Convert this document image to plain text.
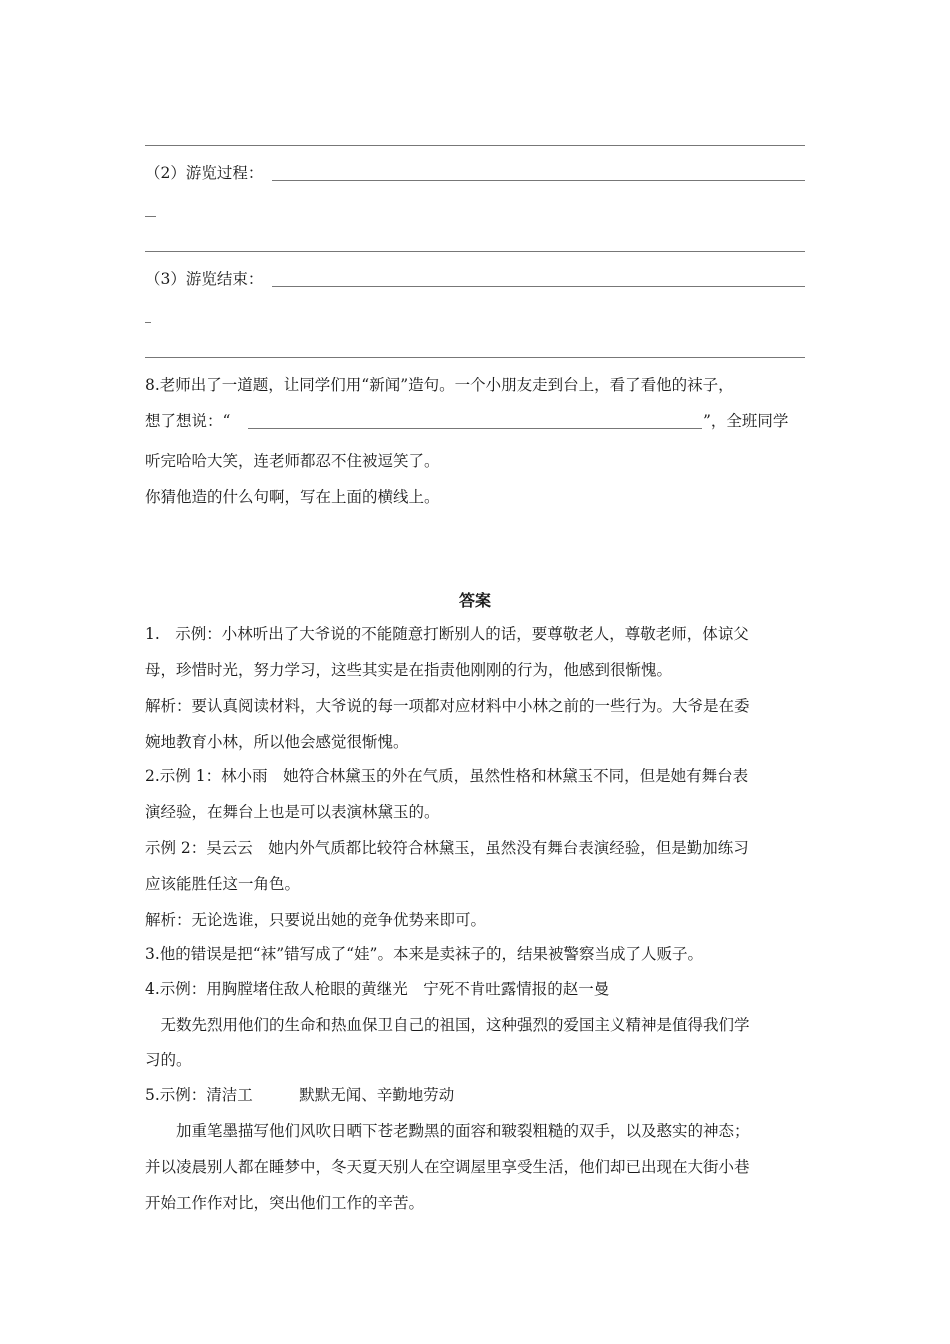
（2）游览过程：
（3）游览结束：
8.老师出了一道题，让同学们用“新闻”造句。一个小朋友走到台上，看了看他的袜子，
想了想说：“	”，全班同学
听完哈哈大笑，连老师都忍不住被逗笑了。
你猜他造的什么句啊，写在上面的横线上。
答案
1.　示例：小林听出了大爷说的不能随意打断别人的话，要尊敬老人，尊敬老师，体谅父
母，珍惜时光，努力学习，这些其实是在指责他刚刚的行为，他感到很惭愧。
解析：要认真阅读材料，大爷说的每一项都对应材料中小林之前的一些行为。大爷是在委
婉地教育小林，所以他会感觉很惭愧。
2.示例 1：林小雨　她符合林黛玉的外在气质，虽然性格和林黛玉不同，但是她有舞台表
演经验，在舞台上也是可以表演林黛玉的。
示例 2：吴云云　她内外气质都比较符合林黛玉，虽然没有舞台表演经验，但是勤加练习
应该能胜任这一角色。
解析：无论选谁，只要说出她的竞争优势来即可。
3.他的错误是把“袜”错写成了“娃”。本来是卖袜子的，结果被警察当成了人贩子。
4.示例：用胸膛堵住敌人枪眼的黄继光　宁死不肯吐露情报的赵一曼
　无数先烈用他们的生命和热血保卫自己的祖国，这种强烈的爱国主义精神是值得我们学
习的。
5.示例：清洁工　　　默默无闻、辛勤地劳动
　　加重笔墨描写他们风吹日晒下苍老黝黑的面容和皲裂粗糙的双手，以及憨实的神态；
并以凌晨别人都在睡梦中，冬天夏天别人在空调屋里享受生活，他们却已出现在大街小巷
开始工作作对比，突出他们工作的辛苦。
